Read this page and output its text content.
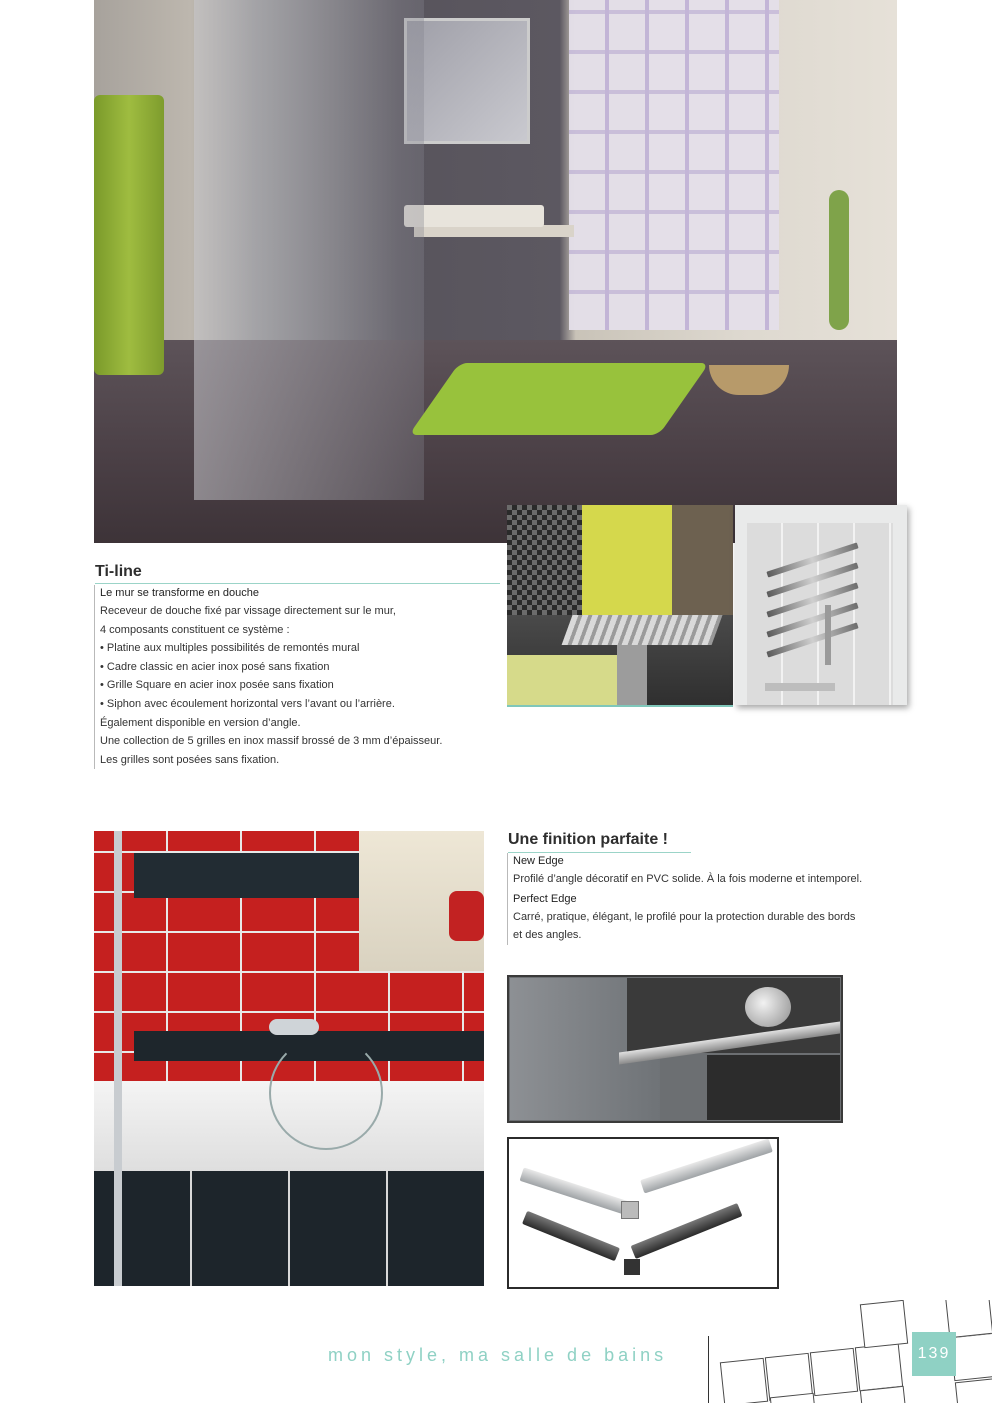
Ti-line
Le mur se transforme en douche
Receveur de douche fixé par vissage directement sur le mur,
4 composants constituent ce système :
• Platine aux multiples possibilités de remontés mural
• Cadre classic en acier inox posé sans fixation
• Grille Square en acier inox posée sans fixation
• Siphon avec écoulement horizontal vers l’avant ou l’arrière.
Également disponible en version d’angle.
Une collection de 5 grilles en inox massif brossé de 3 mm d’épaisseur.
Les grilles sont posées sans fixation.
Une finition parfaite !
New Edge
Profilé d’angle décoratif en PVC solide. À la fois moderne et intemporel.
Perfect Edge
Carré, pratique, élégant, le profilé pour la protection durable des bords
et des angles.
mon style, ma salle de bains	139
